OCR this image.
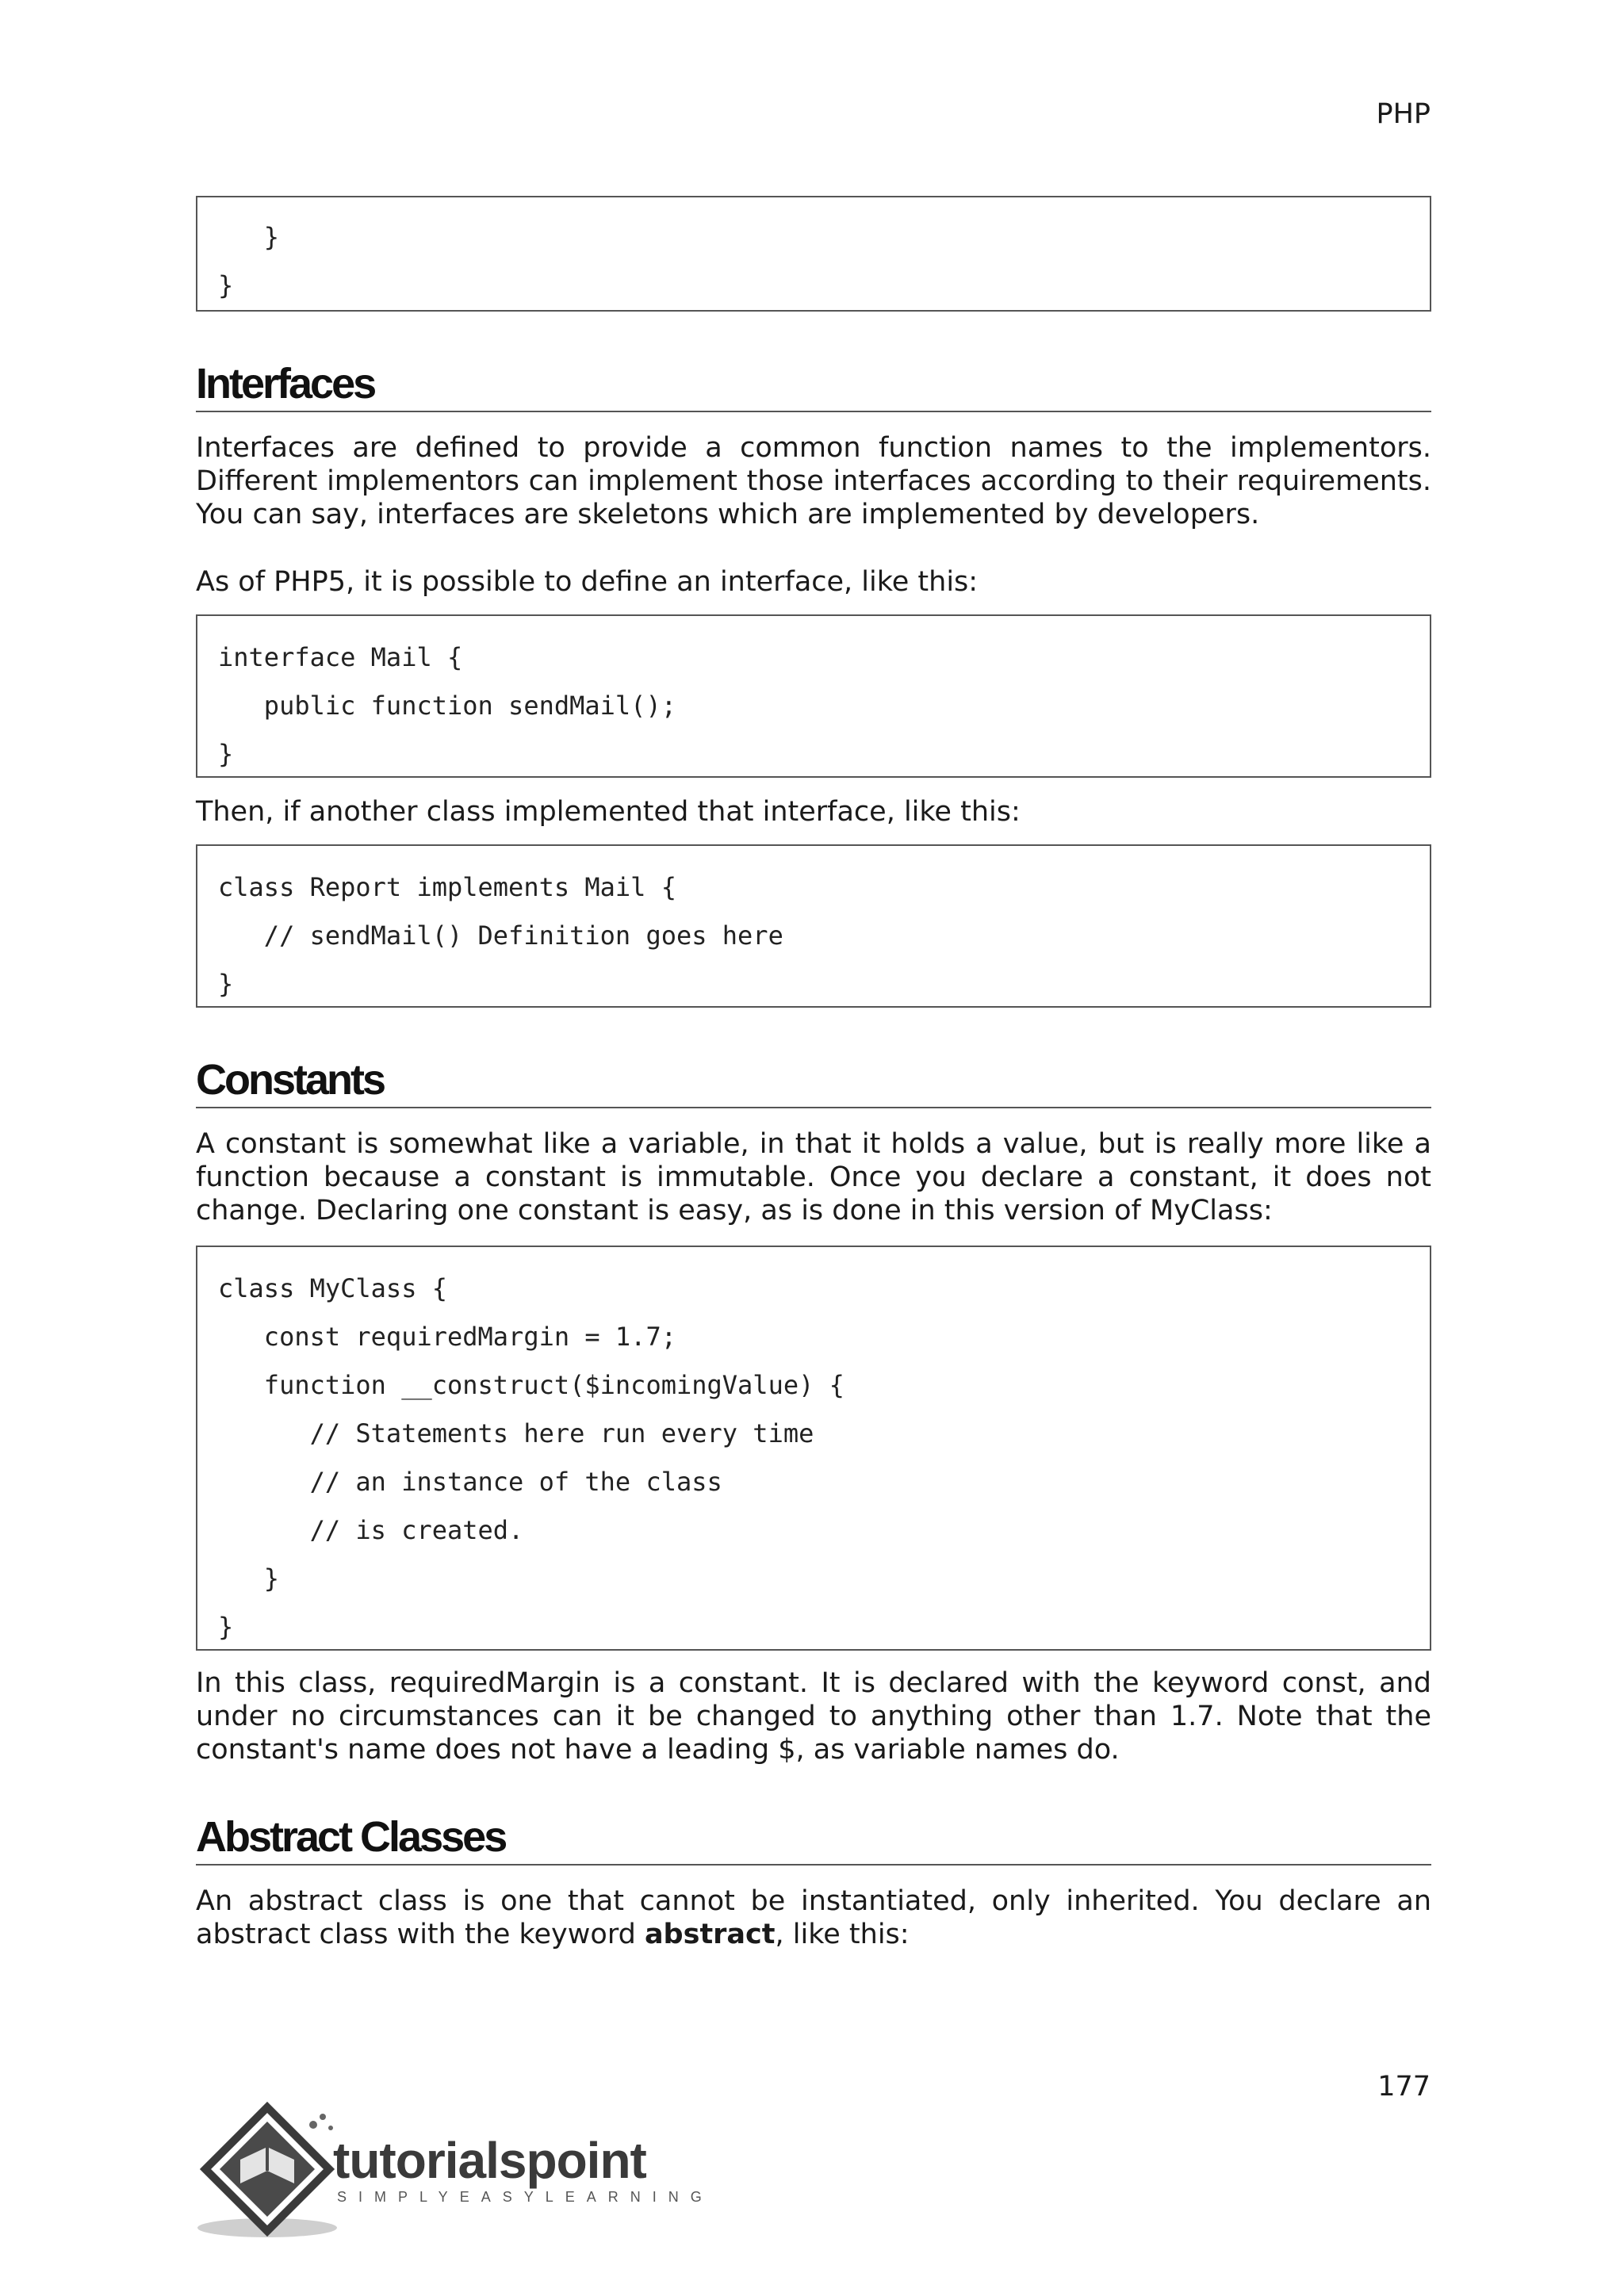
PHP
}
}
Interfaces

Interfaces are defined to provide a common function names to the implementors. Different implementors can implement those interfaces according to their requirements. You can say, interfaces are skeletons which are implemented by developers.

As of PHP5, it is possible to define an interface, like this:

interface Mail {
public function sendMail();
}

Then, if another class implemented that interface, like this:

class Report implements Mail {
// sendMail() Definition goes here
}
Constants

A constant is somewhat like a variable, in that it holds a value, but is really more like a function because a constant is immutable. Once you declare a constant, it does not change. Declaring one constant is easy, as is done in this version of MyClass:

class MyClass {
const requiredMargin = 1.7;
function __construct($incomingValue) {
// Statements here run every time
// an instance of the class
// is created.
}
}

In this class, requiredMargin is a constant. It is declared with the keyword const, and under no circumstances can it be changed to anything other than 1.7. Note that the constant's name does not have a leading $, as variable names do.

Abstract Classes

An abstract class is one that cannot be instantiated, only inherited. You declare an abstract class with the keyword abstract, like this:

177
tutorialspoint
SIMPLYEASYLEARNING
